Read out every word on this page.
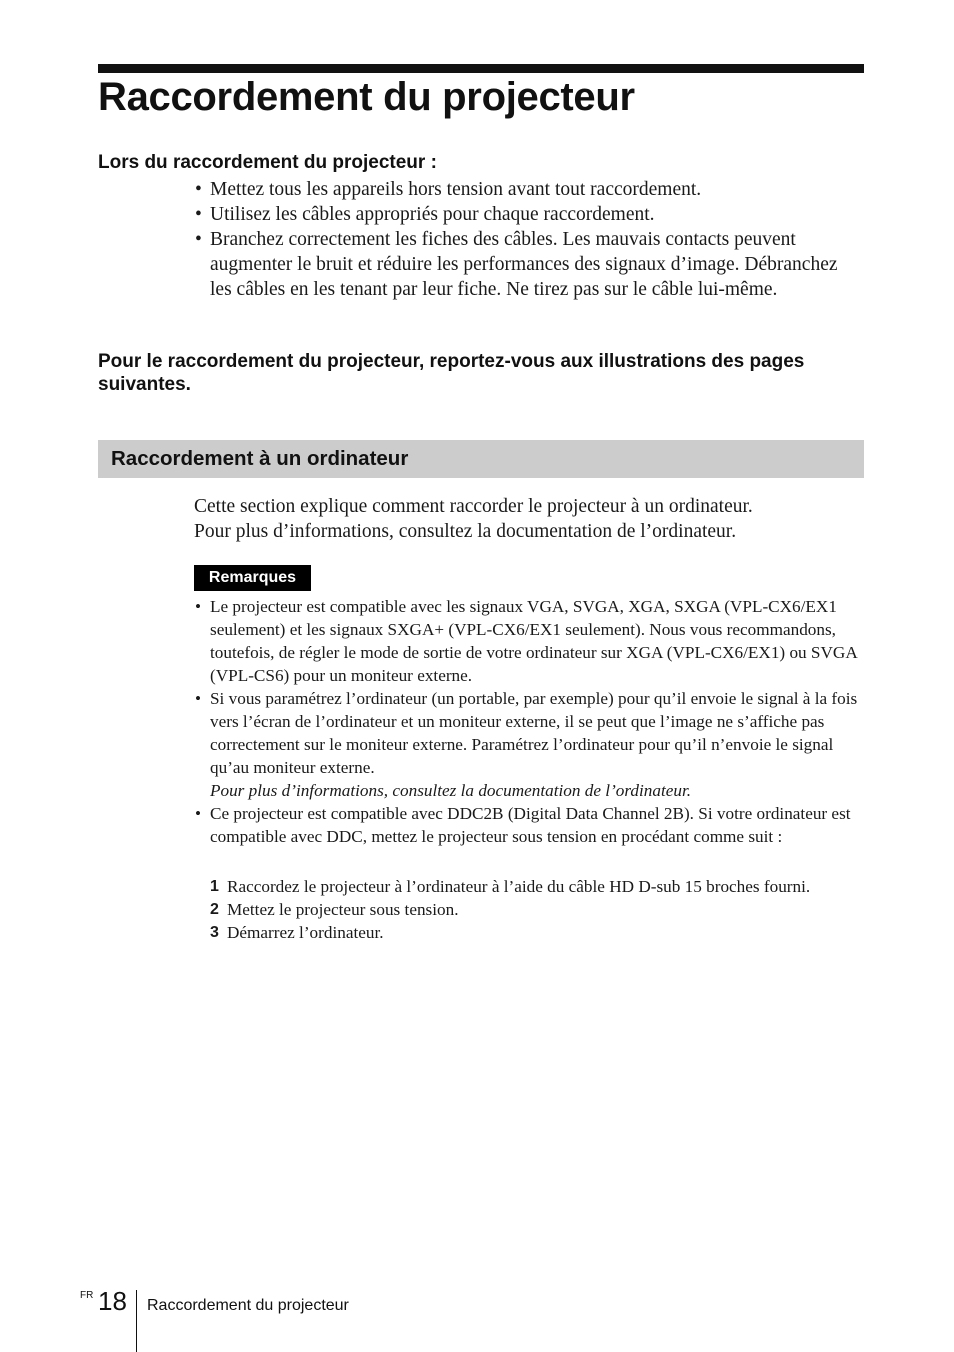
Raccordement du projecteur
Lors du raccordement du projecteur :
• Mettez tous les appareils hors tension avant tout raccordement.
• Utilisez les câbles appropriés pour chaque raccordement.
• Branchez correctement les fiches des câbles. Les mauvais contacts peuvent augmenter le bruit et réduire les performances des signaux d’image. Débranchez les câbles en les tenant par leur fiche. Ne tirez pas sur le câble lui-même.
Pour le raccordement du projecteur, reportez-vous aux illustrations des pages suivantes.
Raccordement à un ordinateur

Cette section explique comment raccorder le projecteur à un ordinateur.
Pour plus d’informations, consultez la documentation de l’ordinateur.

Remarques
• Le projecteur est compatible avec les signaux VGA, SVGA, XGA, SXGA (VPL-CX6/EX1 seulement) et les signaux SXGA+ (VPL-CX6/EX1 seulement). Nous vous recommandons, toutefois, de régler le mode de sortie de votre ordinateur sur XGA (VPL-CX6/EX1) ou SVGA (VPL-CS6) pour un moniteur externe.
• Si vous paramétrez l’ordinateur (un portable, par exemple) pour qu’il envoie le signal à la fois vers l’écran de l’ordinateur et un moniteur externe, il se peut que l’image ne s’affiche pas correctement sur le moniteur externe. Paramétrez l’ordinateur pour qu’il n’envoie le signal qu’au moniteur externe.
Pour plus d’informations, consultez la documentation de l’ordinateur.
• Ce projecteur est compatible avec DDC2B (Digital Data Channel 2B). Si votre ordinateur est compatible avec DDC, mettez le projecteur sous tension en procédant comme suit :
1 Raccordez le projecteur à l’ordinateur à l’aide du câble HD D-sub 15 broches fourni.
2 Mettez le projecteur sous tension.
3 Démarrez l’ordinateur.
FR 18 Raccordement du projecteur
